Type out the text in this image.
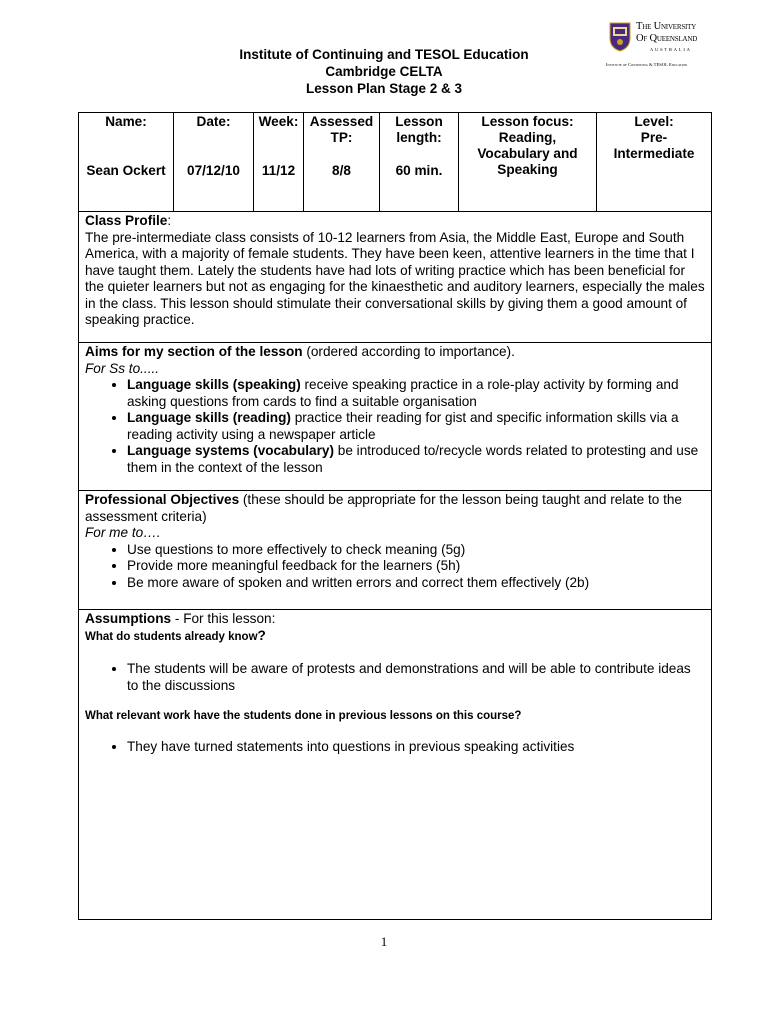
The University
Of Queensland
AUSTRALIA
Institute of Continuing & TESOL Education
Institute of Continuing and TESOL Education
Cambridge CELTA
Lesson Plan Stage 2 & 3
Name:
Sean Ockert

Date:
07/12/10

Week:
11/12

Assessed TP:
8/8

Lesson length:
60 min.

Lesson focus:
Reading, Vocabulary and Speaking

Level:
Pre-Intermediate

Class Profile:
The pre-intermediate class consists of 10-12 learners from Asia, the Middle East, Europe and South America, with a majority of female students. They have been keen, attentive learners in the time that I have taught them. Lately the students have had lots of writing practice which has been beneficial for the quieter learners but not as engaging for the kinaesthetic and auditory learners, especially the males in the class. This lesson should stimulate their conversational skills by giving them a good amount of speaking practice.
Aims for my section of the lesson (ordered according to importance).
For Ss to.....
• Language skills (speaking) receive speaking practice in a role-play activity by forming and asking questions from cards to find a suitable organisation
• Language skills (reading) practice their reading for gist and specific information skills via a reading activity using a newspaper article
• Language systems (vocabulary) be introduced to/recycle words related to protesting and use them in the context of the lesson

Professional Objectives (these should be appropriate for the lesson being taught and relate to the assessment criteria)
For me to….
• Use questions to more effectively to check meaning (5g)
• Provide more meaningful feedback for the learners (5h)
• Be more aware of spoken and written errors and correct them effectively (2b)

Assumptions - For this lesson:
What do students already know?
• The students will be aware of protests and demonstrations and will be able to contribute ideas to the discussions
What relevant work have the students done in previous lessons on this course?
• They have turned statements into questions in previous speaking activities
1
